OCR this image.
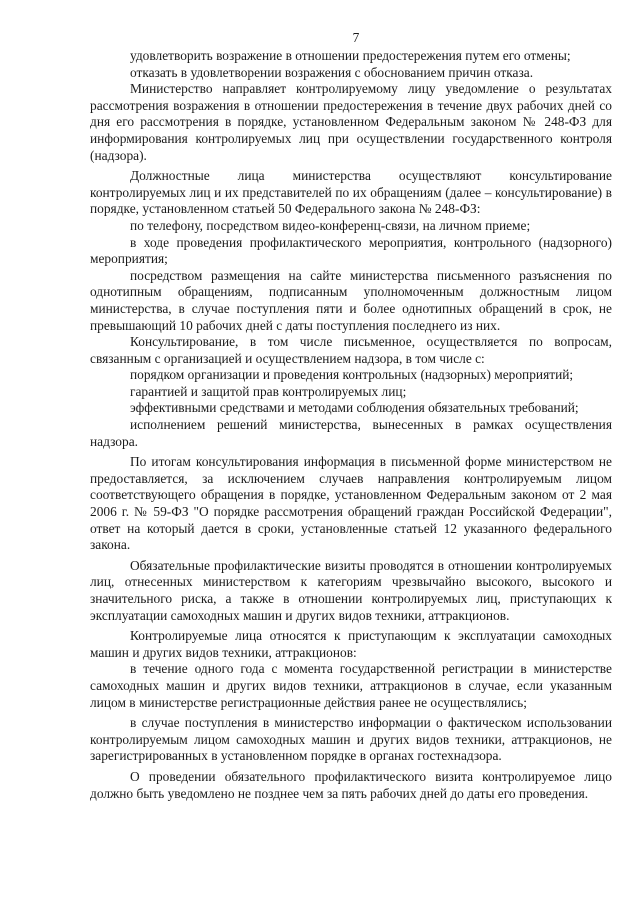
7

удовлетворить возражение в отношении предостережения путем его отмены;

отказать в удовлетворении возражения с обоснованием причин отказа.

Министерство направляет контролируемому лицу уведомление о результатах рассмотрения возражения в отношении предостережения в течение двух рабочих дней со дня его рассмотрения в порядке, установленном Федеральным законом № 248-ФЗ для информирования контролируемых лиц при осуществлении государственного контроля (надзора).

Должностные лица министерства осуществляют консультирование контролируемых лиц и их представителей по их обращениям (далее – консультирование) в порядке, установленном статьей 50 Федерального закона № 248-ФЗ:

по телефону, посредством видео-конференц-связи, на личном приеме;

в ходе проведения профилактического мероприятия, контрольного (надзорного) мероприятия;

посредством размещения на сайте министерства письменного разъяснения по однотипным обращениям, подписанным уполномоченным должностным лицом министерства, в случае поступления пяти и более однотипных обращений в срок, не превышающий 10 рабочих дней с даты поступления последнего из них.

Консультирование, в том числе письменное, осуществляется по вопросам, связанным с организацией и осуществлением надзора, в том числе с:

порядком организации и проведения контрольных (надзорных) мероприятий;

гарантией и защитой прав контролируемых лиц;

эффективными средствами и методами соблюдения обязательных требований;

исполнением решений министерства, вынесенных в рамках осуществления надзора.

По итогам консультирования информация в письменной форме министерством не предоставляется, за исключением случаев направления контролируемым лицом соответствующего обращения в порядке, установленном Федеральным законом от 2 мая 2006 г. № 59-ФЗ "О порядке рассмотрения обращений граждан Российской Федерации", ответ на который дается в сроки, установленные статьей 12 указанного федерального закона.

Обязательные профилактические визиты проводятся в отношении контролируемых лиц, отнесенных министерством к категориям чрезвычайно высокого, высокого и значительного риска, а также в отношении контролируемых лиц, приступающих к эксплуатации самоходных машин и других видов техники, аттракционов.

Контролируемые лица относятся к приступающим к эксплуатации самоходных машин и других видов техники, аттракционов:

в течение одного года с момента государственной регистрации в министерстве самоходных машин и других видов техники, аттракционов в случае, если указанным лицом в министерстве регистрационные действия ранее не осуществлялись;

в случае поступления в министерство информации о фактическом использовании контролируемым лицом самоходных машин и других видов техники, аттракционов, не зарегистрированных в установленном порядке в органах гостехнадзора.

О проведении обязательного профилактического визита контролируемое лицо должно быть уведомлено не позднее чем за пять рабочих дней до даты его проведения.
